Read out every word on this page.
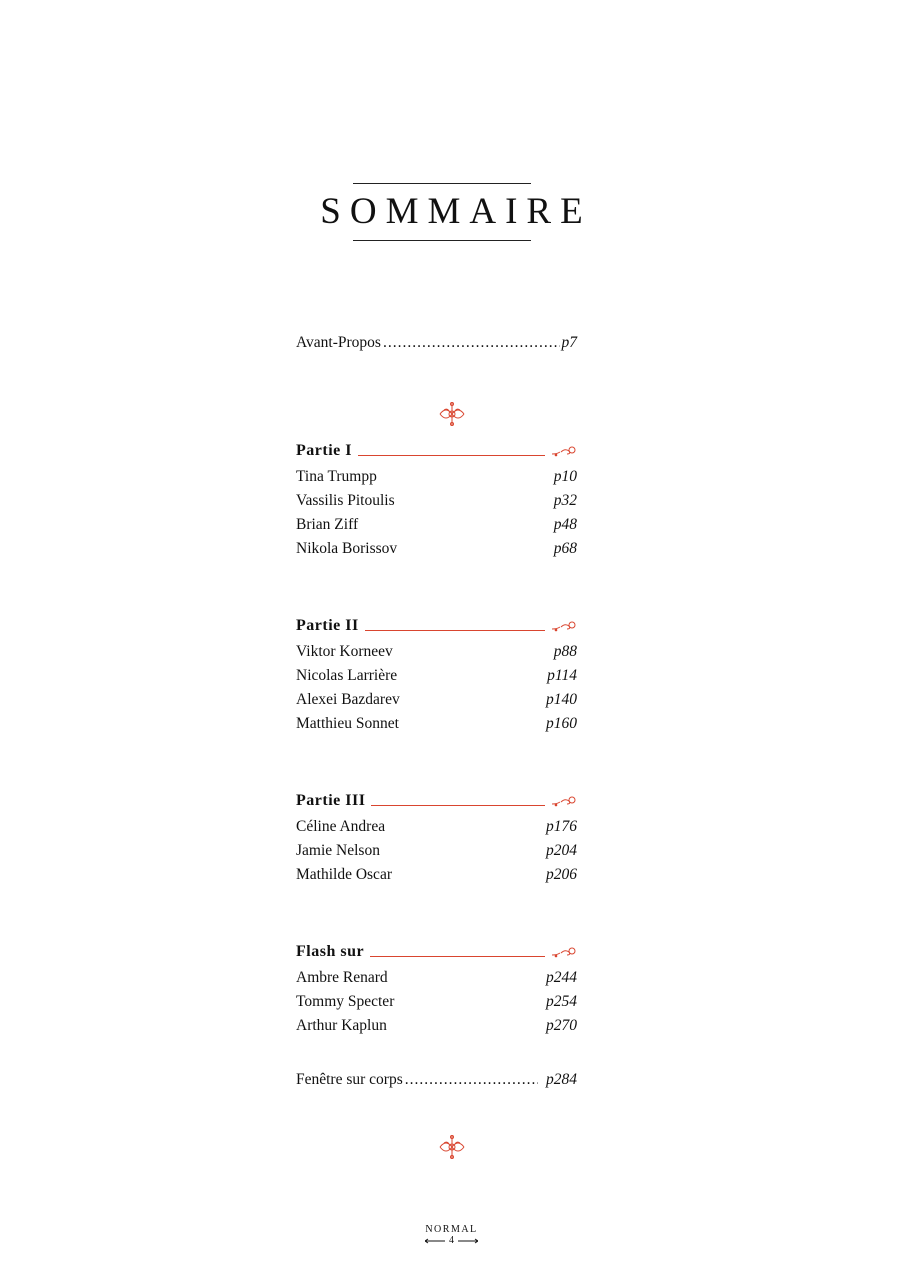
SOMMAIRE
Avant-Propos .....	p7
Partie I
Tina Trumpp	p10
Vassilis Pitoulis	p32
Brian Ziff	p48
Nikola Borissov	p68
Partie II
Viktor Korneev	p88
Nicolas Larrière	p114
Alexei Bazdarev	p140
Matthieu Sonnet	p160
Partie III
Céline Andrea	p176
Jamie Nelson	p204
Mathilde Oscar	p206
Flash sur
Ambre Renard	p244
Tommy Specter	p254
Arthur Kaplun	p270
Fenêtre sur corps .....	p284
NORMAL
4
